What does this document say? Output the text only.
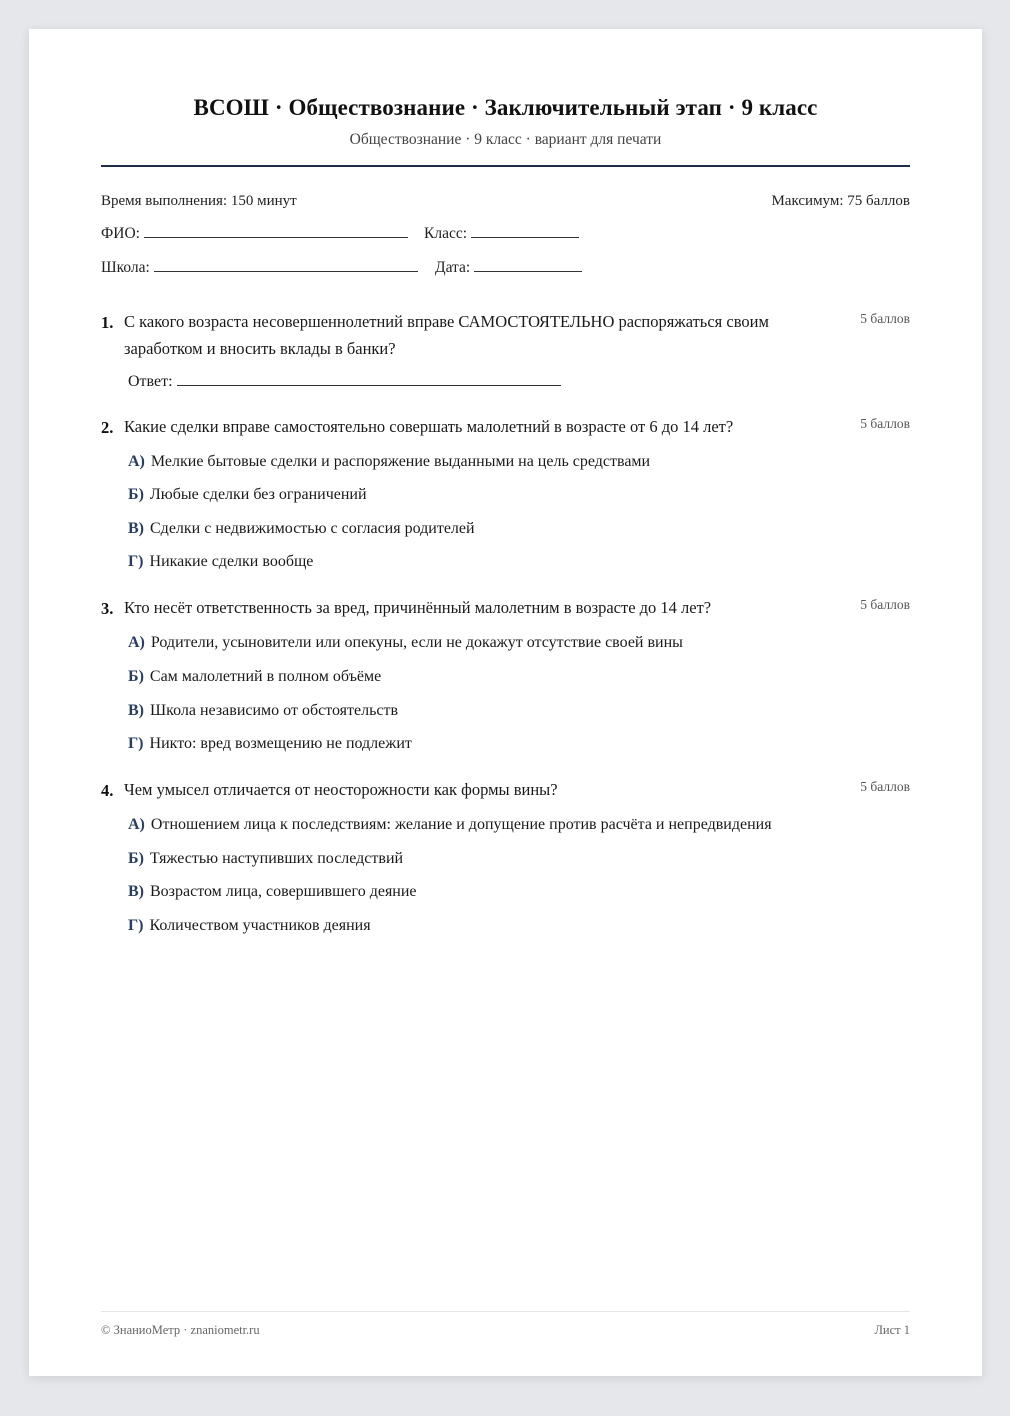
ВСОШ · Обществознание · Заключительный этап · 9 класс
Обществознание · 9 класс · вариант для печати
Время выполнения: 150 минут	Максимум: 75 баллов
ФИО:	Класс:
Школа:	Дата:
1. С какого возраста несовершеннолетний вправе САМОСТОЯТЕЛЬНО распоряжаться своим заработком и вносить вклады в банки?
5 баллов
Ответ:
2. Какие сделки вправе самостоятельно совершать малолетний в возрасте от 6 до 14 лет?	5 баллов
А) Мелкие бытовые сделки и распоряжение выданными на цель средствами
Б) Любые сделки без ограничений
В) Сделки с недвижимостью с согласия родителей
Г) Никакие сделки вообще
3. Кто несёт ответственность за вред, причинённый малолетним в возрасте до 14 лет?	5 баллов
А) Родители, усыновители или опекуны, если не докажут отсутствие своей вины
Б) Сам малолетний в полном объёме
В) Школа независимо от обстоятельств
Г) Никто: вред возмещению не подлежит
4. Чем умысел отличается от неосторожности как формы вины?	5 баллов
А) Отношением лица к последствиям: желание и допущение против расчёта и непредвидения
Б) Тяжестью наступивших последствий
В) Возрастом лица, совершившего деяние
Г) Количеством участников деяния
© ЗнаниоМетр · znaniometr.ru	Лист 1
